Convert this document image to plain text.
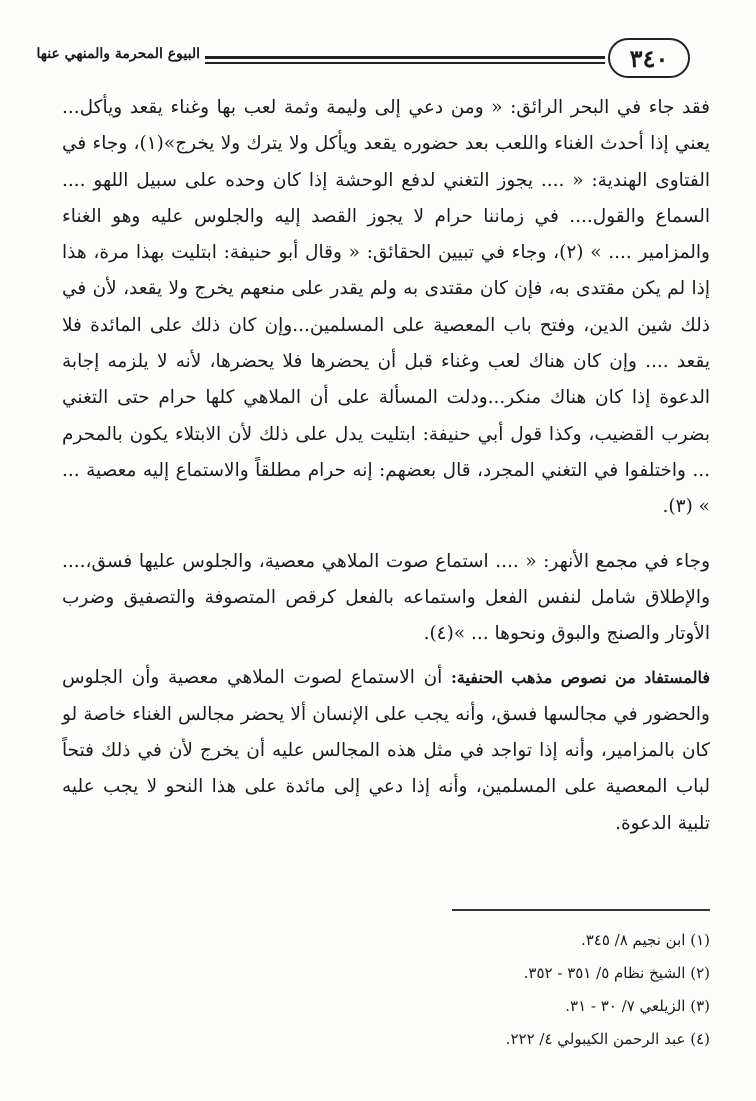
٣٤٠
البيوع المحرمة والمنهي عنها

فقد جاء في البحر الرائق: « ومن دعي إلى وليمة وثمة لعب بها وغناء يقعد ويأكل... يعني إذا أحدث الغناء واللعب بعد حضوره يقعد ويأكل ولا يترك ولا يخرج»(١)، وجاء في الفتاوى الهندية: « .... يجوز التغني لدفع الوحشة إذا كان وحده على سبيل اللهو .... السماع والقول.... في زماننا حرام لا يجوز القصد إليه والجلوس عليه وهو الغناء والمزامير .... » (٢)، وجاء في تبيين الحقائق: « وقال أبو حنيفة: ابتليت بهذا مرة، هذا إذا لم يكن مقتدى به، فإن كان مقتدى به ولم يقدر على منعهم يخرج ولا يقعد، لأن في ذلك شين الدين، وفتح باب المعصية على المسلمين...وإن كان ذلك على المائدة فلا يقعد .... وإن كان هناك لعب وغناء قبل أن يحضرها فلا يحضرها، لأنه لا يلزمه إجابة الدعوة إذا كان هناك منكر...ودلت المسألة على أن الملاهي كلها حرام حتى التغني بضرب القضيب، وكذا قول أبي حنيفة: ابتليت يدل على ذلك لأن الابتلاء يكون بالمحرم ... واختلفوا في التغني المجرد، قال بعضهم: إنه حرام مطلقاً والاستماع إليه معصية ... » (٣).

وجاء في مجمع الأنهر: « .... استماع صوت الملاهي معصية، والجلوس عليها فسق،.... والإطلاق شامل لنفس الفعل واستماعه بالفعل كرقص المتصوفة والتصفيق وضرب الأوتار والصنج والبوق ونحوها ... »(٤).

فالمستفاد من نصوص مذهب الحنفية: أن الاستماع لصوت الملاهي معصية وأن الجلوس والحضور في مجالسها فسق، وأنه يجب على الإنسان ألا يحضر مجالس الغناء خاصة لو كان بالمزامير، وأنه إذا تواجد في مثل هذه المجالس عليه أن يخرج لأن في ذلك فتحاً لباب المعصية على المسلمين، وأنه إذا دعي إلى مائدة على هذا النحو لا يجب عليه تلبية الدعوة.

(١) ابن نجيم ٨/ ٣٤٥.
(٢) الشيخ نظام ٥/ ٣٥١ - ٣٥٢.
(٣) الزيلعي ٧/ ٣٠ - ٣١.
(٤) عبد الرحمن الكيبولي ٤/ ٢٢٢.
